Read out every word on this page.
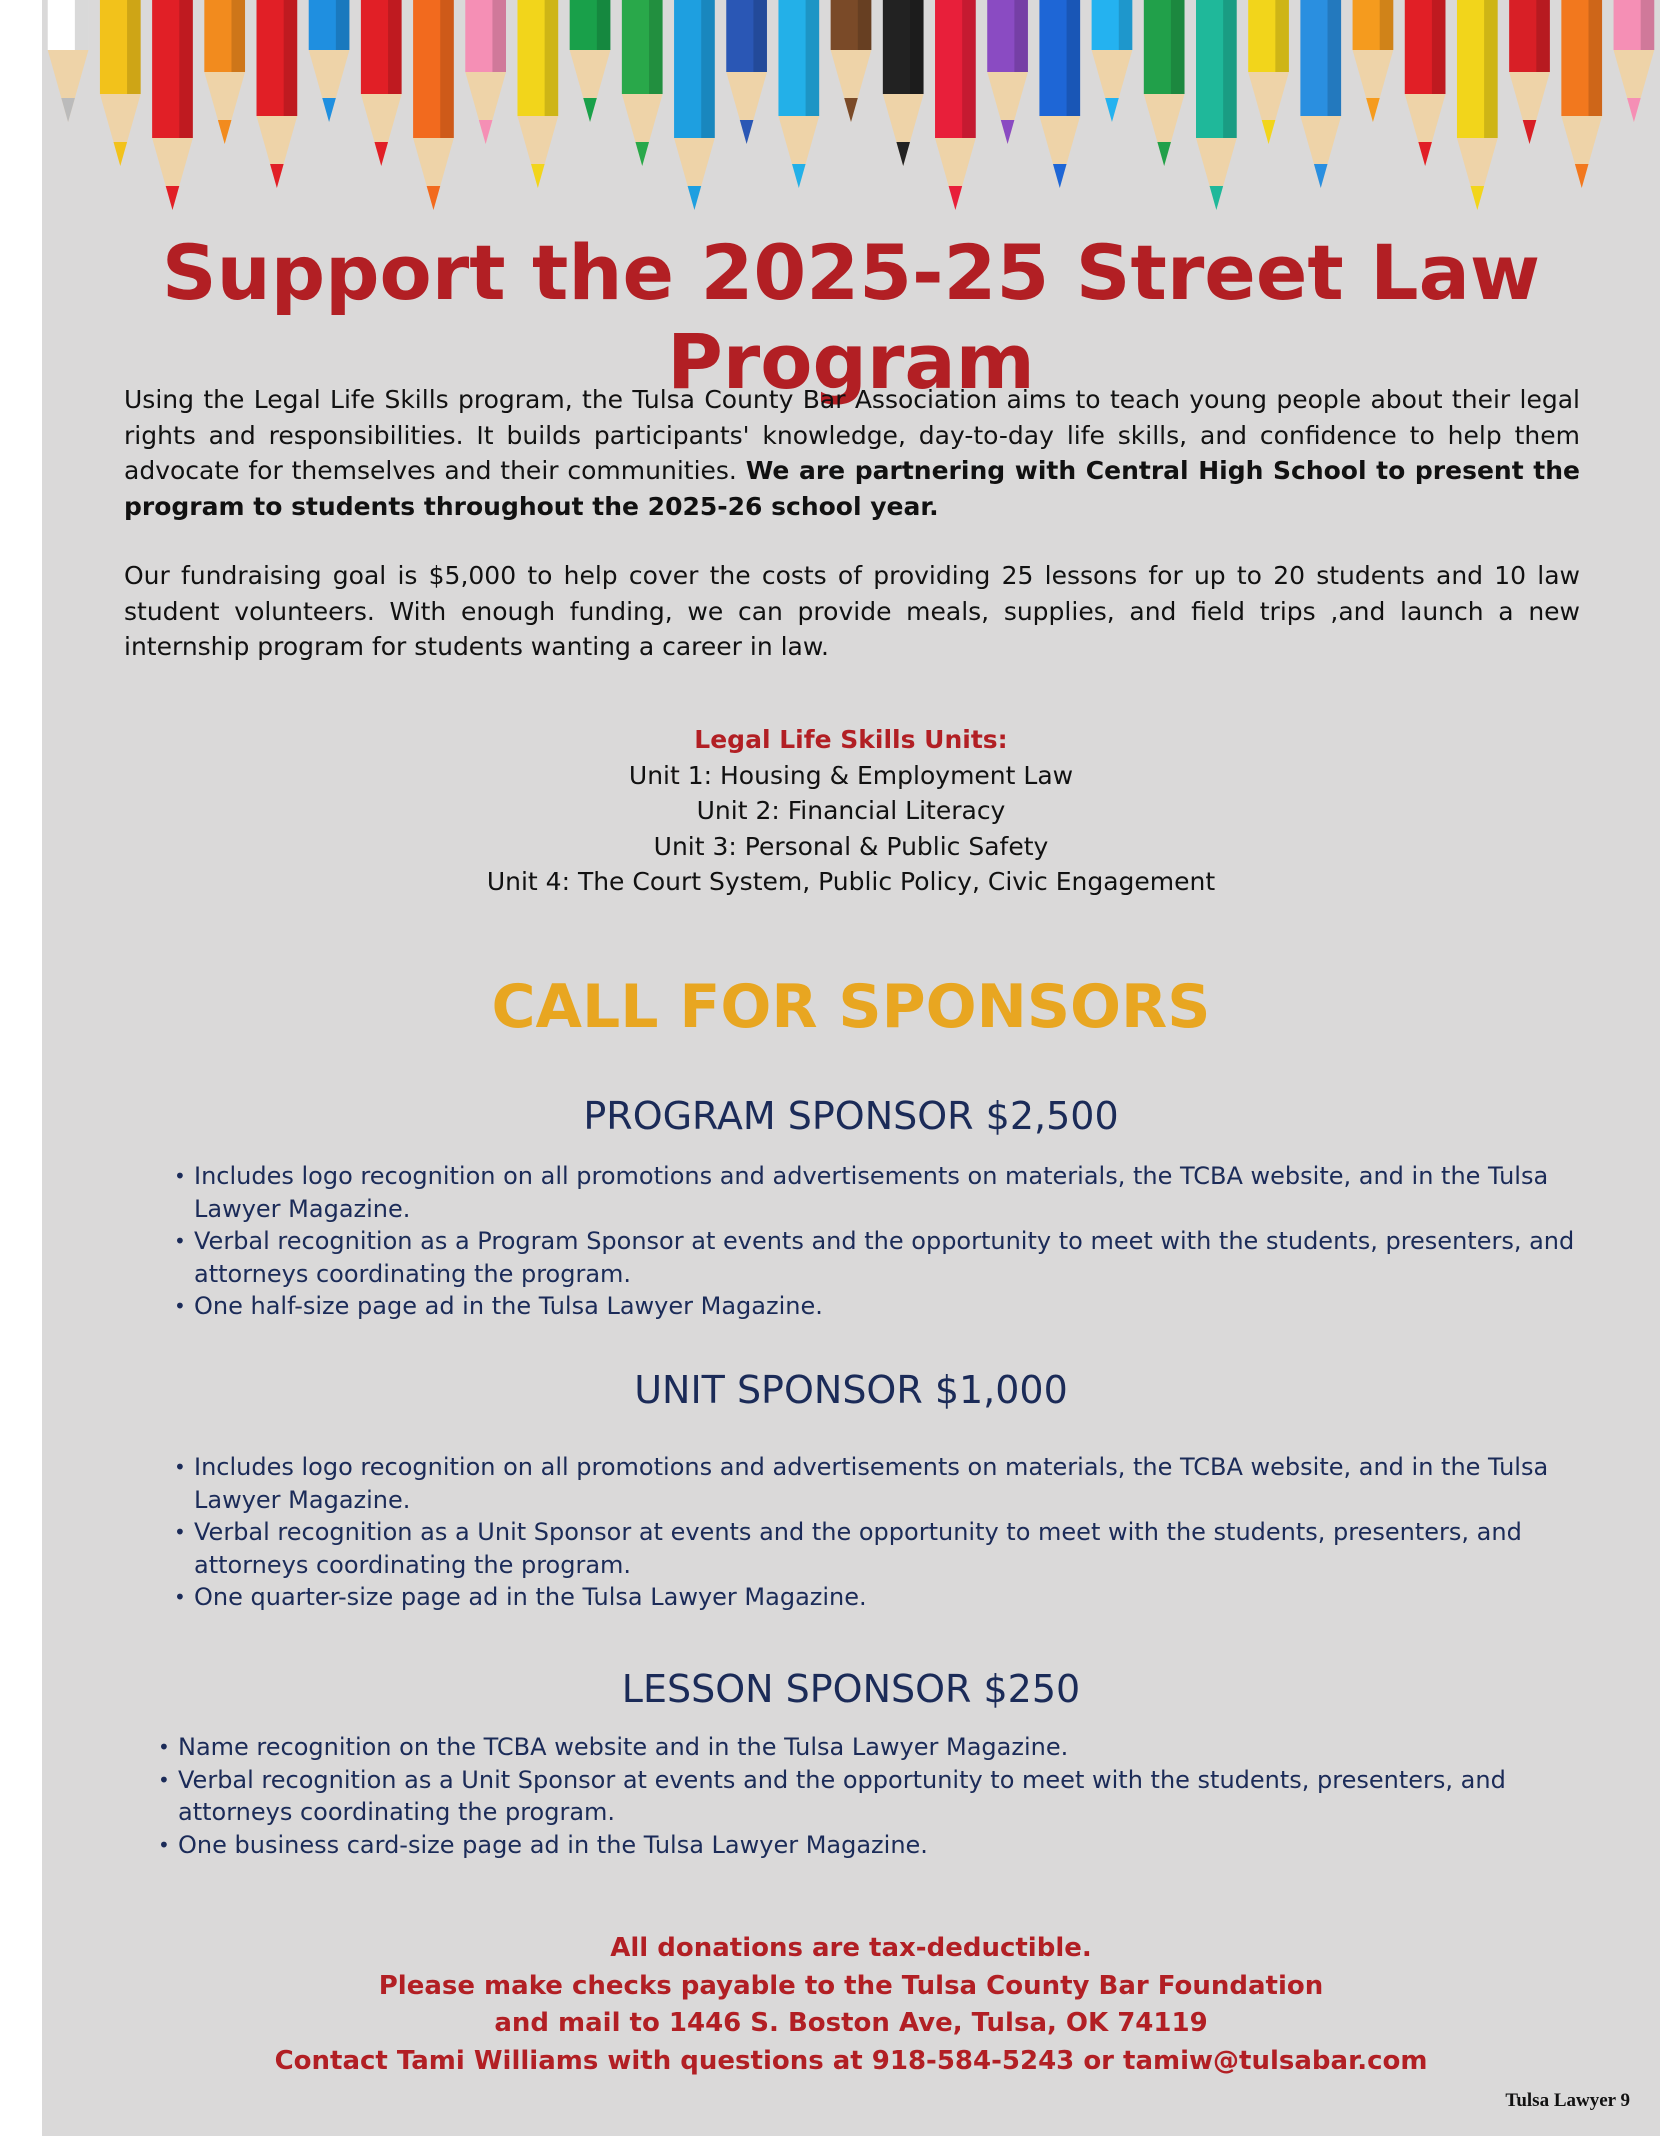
Support the 2025-25 Street Law Program

Using the Legal Life Skills program, the Tulsa County Bar Association aims to teach young people about their legal rights and responsibilities. It builds participants' knowledge, day-to-day life skills, and confidence to help them advocate for themselves and their communities. We are partnering with Central High School to present the program to students throughout the 2025-26 school year.

Our fundraising goal is $5,000 to help cover the costs of providing 25 lessons for up to 20 students and 10 law student volunteers. With enough funding, we can provide meals, supplies, and field trips ,and launch a new internship program for students wanting a career in law.

Legal Life Skills Units:
Unit 1: Housing & Employment Law
Unit 2: Financial Literacy
Unit 3: Personal & Public Safety
Unit 4: The Court System, Public Policy, Civic Engagement
CALL FOR SPONSORS
PROGRAM SPONSOR $2,500
• Includes logo recognition on all promotions and advertisements on materials, the TCBA website, and in the Tulsa Lawyer Magazine.
• Verbal recognition as a Program Sponsor at events and the opportunity to meet with the students, presenters, and attorneys coordinating the program.
• One half-size page ad in the Tulsa Lawyer Magazine.
UNIT SPONSOR $1,000
• Includes logo recognition on all promotions and advertisements on materials, the TCBA website, and in the Tulsa Lawyer Magazine.
• Verbal recognition as a Unit Sponsor at events and the opportunity to meet with the students, presenters, and attorneys coordinating the program.
• One quarter-size page ad in the Tulsa Lawyer Magazine.
LESSON SPONSOR $250
• Name recognition on the TCBA website and in the Tulsa Lawyer Magazine.
• Verbal recognition as a Unit Sponsor at events and the opportunity to meet with the students, presenters, and attorneys coordinating the program.
• One business card-size page ad in the Tulsa Lawyer Magazine.
All donations are tax-deductible.
Please make checks payable to the Tulsa County Bar Foundation
and mail to 1446 S. Boston Ave, Tulsa, OK 74119
Contact Tami Williams with questions at 918-584-5243 or tamiw@tulsabar.com
Tulsa Lawyer 9
